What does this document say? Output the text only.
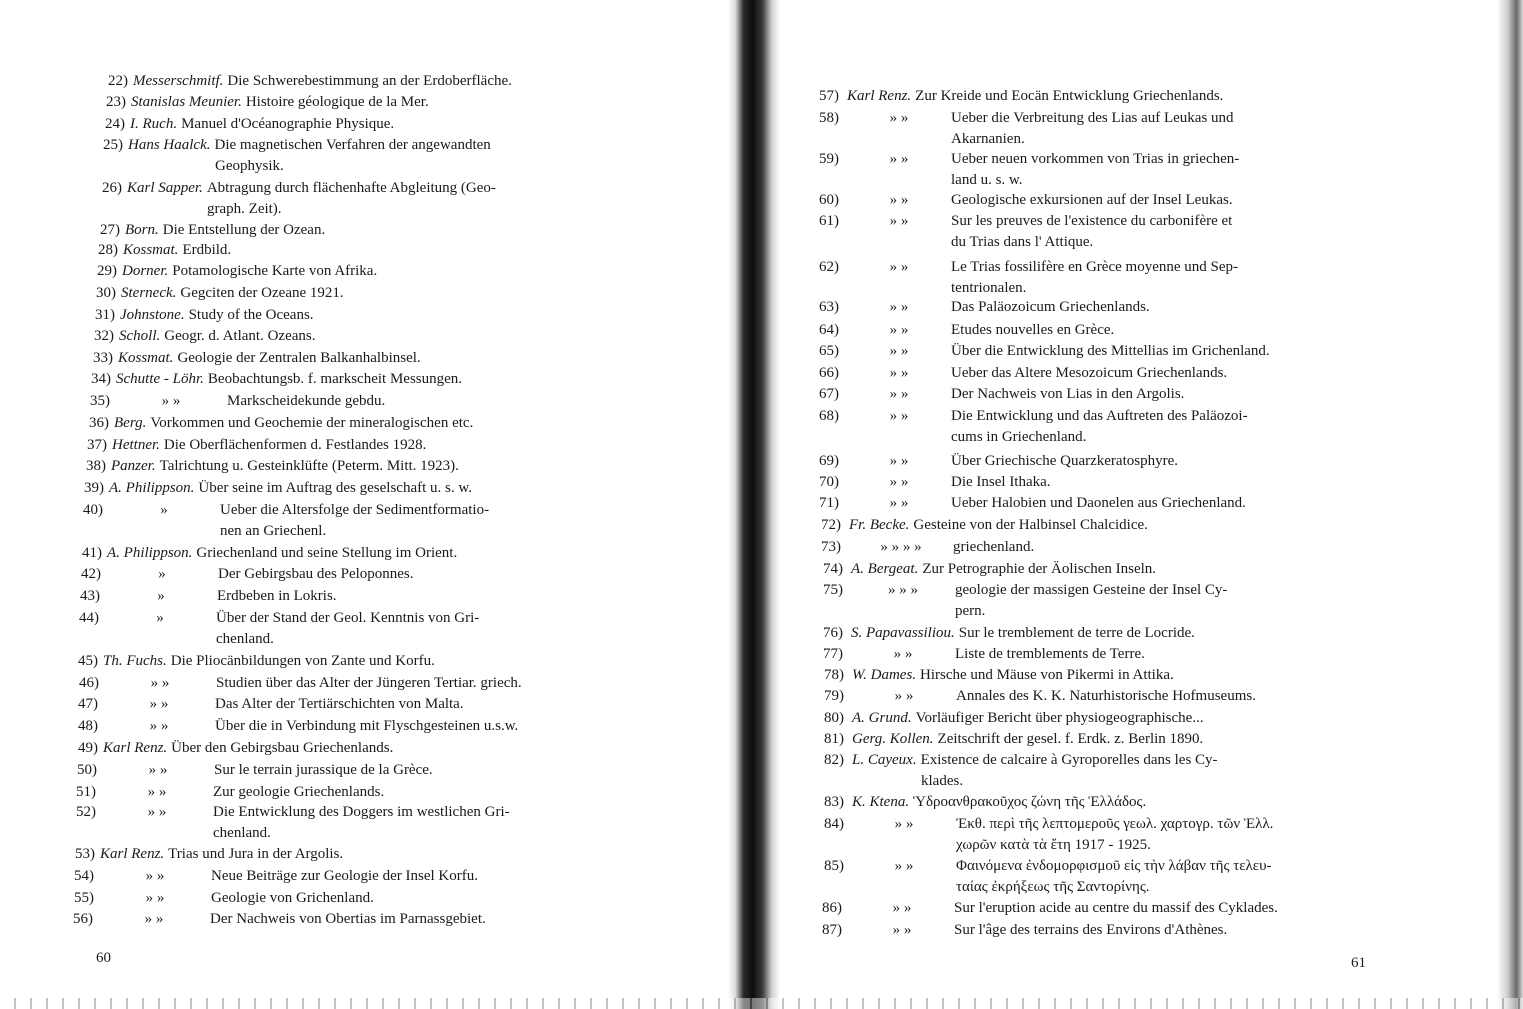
22) Messerschmitf. Die Schwerebestimmung an der Erdoberfläche.
23) Stanislas Meunier. Histoire géologique de la Mer.
24) I. Ruch. Manuel d'Océanographie Physique.
25) Hans Haalck. Die magnetischen Verfahren der angewandten
Geophysik.
26) Karl Sapper. Abtragung durch flächenhafte Abgleitung (Geo-
graph. Zeit).
27) Born. Die Entstellung der Ozean.
28) Kossmat. Erdbild.
29) Dorner. Potamologische Karte von Afrika.
30) Sterneck. Gegciten der Ozeane 1921.
31) Johnstone. Study of the Oceans.
32) Scholl. Geogr. d. Atlant. Ozeans.
33) Kossmat. Geologie der Zentralen Balkanhalbinsel.
34) Schutte - Löhr. Beobachtungsb. f. markscheit Messungen.
35)	» »	Markscheidekunde gebdu.
36) Berg. Vorkommen und Geochemie der mineralogischen etc.
37) Hettner. Die Oberflächenformen d. Festlandes 1928.
38) Panzer. Talrichtung u. Gesteinklüfte (Peterm. Mitt. 1923).
39) A. Philippson. Über seine im Auftrag des geselschaft u. s. w.
40)	»	Ueber die Altersfolge der Sedimentformatio-
nen an Griechenl.
41) A. Philippson. Griechenland und seine Stellung im Orient.
42)	»	Der Gebirgsbau des Peloponnes.
43)	»	Erdbeben in Lokris.
44)	»	Über der Stand der Geol. Kenntnis von Gri-
chenland.
45) Th. Fuchs. Die Pliocänbildungen von Zante und Korfu.
46)	» »	Studien über das Alter der Jüngeren Tertiar. griech.
47)	» »	Das Alter der Tertiärschichten von Malta.
48)	» »	Über die in Verbindung mit Flyschgesteinen u.s.w.
49) Karl Renz. Über den Gebirgsbau Griechenlands.
50)	» »	Sur le terrain jurassique de la Grèce.
51)	» »	Zur geologie Griechenlands.
52)	» »	Die Entwicklung des Doggers im westlichen Gri-
chenland.
53) Karl Renz. Trias und Jura in der Argolis.
54)	» »	Neue Beiträge zur Geologie der Insel Korfu.
55)	» »	Geologie von Grichenland.
56)	» »	Der Nachweis von Obertias im Parnassgebiet.
60
57) Karl Renz. Zur Kreide und Eocän Entwicklung Griechenlands.
58)	» »	Ueber die Verbreitung des Lias auf Leukas und
Akarnanien.
59)	» »	Ueber neuen vorkommen von Trias in griechen-
land u. s. w.
60)	» »	Geologische exkursionen auf der Insel Leukas.
61)	» »	Sur les preuves de l'existence du carbonifère et
du Trias dans l' Attique.
62)	» »	Le Trias fossilifère en Grèce moyenne und Sep-
tentrionalen.
63)	» »	Das Paläozoicum Griechenlands.
64)	» »	Etudes nouvelles en Grèce.
65)	» »	Über die Entwicklung des Mittellias im Grichenland.
66)	» »	Ueber das Altere Mesozoicum Griechenlands.
67)	» »	Der Nachweis von Lias in den Argolis.
68)	» »	Die Entwicklung und das Auftreten des Paläozoi-
cums in Griechenland.
69)	» »	Über Griechische Quarzkeratosphyre.
70)	» »	Die Insel Ithaka.
71)	» »	Ueber Halobien und Daonelen aus Griechenland.
72) Fr. Becke. Gesteine von der Halbinsel Chalcidice.
73)	» » » » griechenland.
74) A. Bergeat. Zur Petrographie der Äolischen Inseln.
75)	» » » geologie der massigen Gesteine der Insel Cy-
pern.
76) S. Papavassiliou. Sur le tremblement de terre de Locride.
77)	» »	Liste de tremblements de Terre.
78) W. Dames. Hirsche und Mäuse von Pikermi in Attika.
79)	» »	Annales des K. K. Naturhistorische Hofmuseums.
80) A. Grund. Vorläufiger Bericht über physiogeographische...
81) Gerg. Kollen. Zeitschrift der gesel. f. Erdk. z. Berlin 1890.
82) L. Cayeux. Existence de calcaire à Gyroporelles dans les Cy-
klades.
83) K. Ktena. Ὑδροανθρακοῦχος ζώνη τῆς Ἑλλάδος.
84)	» »	Ἐκθ. περὶ τῆς λεπτομεροῦς γεωλ. χαρτογρ. τῶν Ἑλλ.
χωρῶν κατὰ τὰ ἔτη 1917 - 1925.
85)	» »	Φαινόμενα ἐνδομορφισμοῦ εἰς τὴν λάβαν τῆς τελευ-
ταίας ἐκρήξεως τῆς Σαντορίνης.
86)	» »	Sur l'eruption acide au centre du massif des Cyklades.
87)	» »	Sur l'âge des terrains des Environs d'Athènes.
61
